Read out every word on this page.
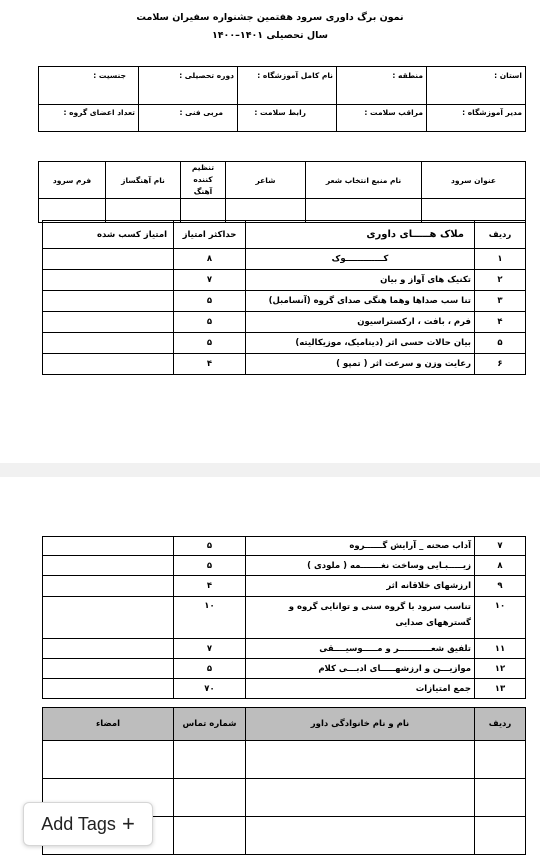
نمون برگ داوری سرود هفتمین جشنواره سفیران سلامت
سال تحصیلی ۱۴۰۱–۱۴۰۰
استان :	منطقه :	نام کامل آموزشگاه :	دوره تحصیلی :	جنسیت :
مدیر آموزشگاه :	مراقب سلامت :	رابط سلامت :	مربی فنی :	تعداد اعضای گروه :
عنوان سرود	نام منبع انتخاب شعر	شاعر	تنظیم کننده آهنگ	نام آهنگساز	فرم سرود

ردیف	ملاک هـــــای داوری	حداکثر امتیاز	امتیاز کسب شده
۱	کـــــــــــــوک	۸	
۲	تکنیک های آواز و بیان	۷	
۳	تنا سب صداها وهما هنگی صدای گروه (آنسامبل)	۵	
۴	فرم ، بافت ، ارکستراسیون	۵	
۵	بیان حالات حسی اثر (دینامیک، موزیکالیته)	۵	
۶	رعایت وزن و سرعت اثر ( تمپو )	۴	
۷	آداب صحنه _ آرایش گــــــروه	۵	
۸	زیـــــبـایی وساخت نغـــــــمه ( ملودی )	۵	
۹	ارزشهای خلاقانه اثر	۴	
۱۰	تناسب سرود با گروه سنی و توانایی گروه و گسترههای صدایی	۱۰	
۱۱	تلفیق شعـــــــــــر و مـــــوسیــــقی	۷	
۱۲	موازیـــن و ارزشهـــــای ادبـــی کلام	۵	
۱۳	جمع امتیازات	۷۰	
ردیف	نام و نام خانوادگی داور	شماره تماس	امضاء

Add Tags +
